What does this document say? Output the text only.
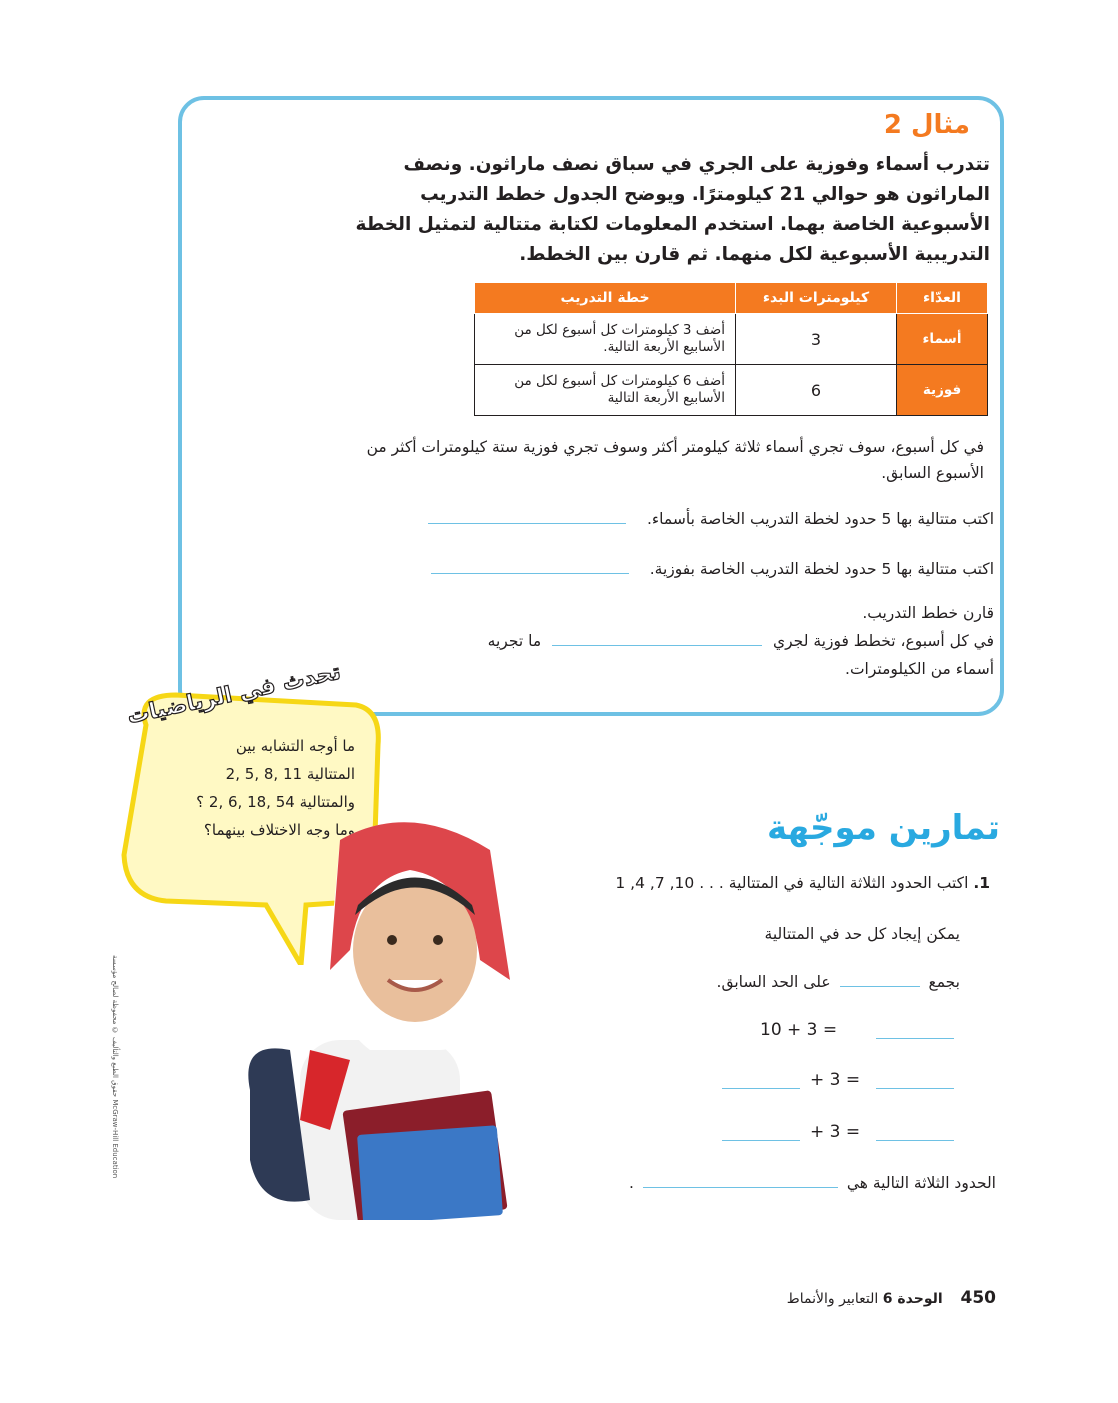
مثال 2
تتدرب أسماء وفوزية على الجري في سباق نصف ماراثون. ونصف الماراثون هو حوالي 21 كيلومترًا. ويوضح الجدول خطط التدريب الأسبوعية الخاصة بهما. استخدم المعلومات لكتابة متتالية لتمثيل الخطة التدريبية الأسبوعية لكل منهما. ثم قارن بين الخطط.
العدّاء	كيلومترات البدء	خطة التدريب
أسماء	3	أضف 3 كيلومترات كل أسبوع لكل من الأسابيع الأربعة التالية.
فوزية	6	أضف 6 كيلومترات كل أسبوع لكل من الأسابيع الأربعة التالية
في كل أسبوع، سوف تجري أسماء ثلاثة كيلومتر أكثر وسوف تجري فوزية ستة كيلومترات أكثر من الأسبوع السابق.
اكتب متتالية بها 5 حدود لخطة التدريب الخاصة بأسماء.
اكتب متتالية بها 5 حدود لخطة التدريب الخاصة بفوزية.
قارن خطط التدريب.
في كل أسبوع، تخطط فوزية لجري  ما تجريه
أسماء من الكيلومترات.
تحدث في الرياضيات
ما أوجه التشابه بين
المتتالية 11 ,8 ,5 ,2
والمتتالية 54 ,18 ,6 ,2 ؟
وما وجه الاختلاف بينهما؟
حقوق الطبع والتأليف © محفوظة لصالح مؤسسة McGraw-Hill Education
تمارين موجّهة
1. اكتب الحدود الثلاثة التالية في المتتالية . . . 10, 7, 4, 1
يمكن إيجاد كل حد في المتتالية
بجمع  على الحد السابق.
10 + 3 =
+ 3 =
+ 3 =
الحدود الثلاثة التالية هي  .
450    الوحدة 6 التعابير والأنماط
